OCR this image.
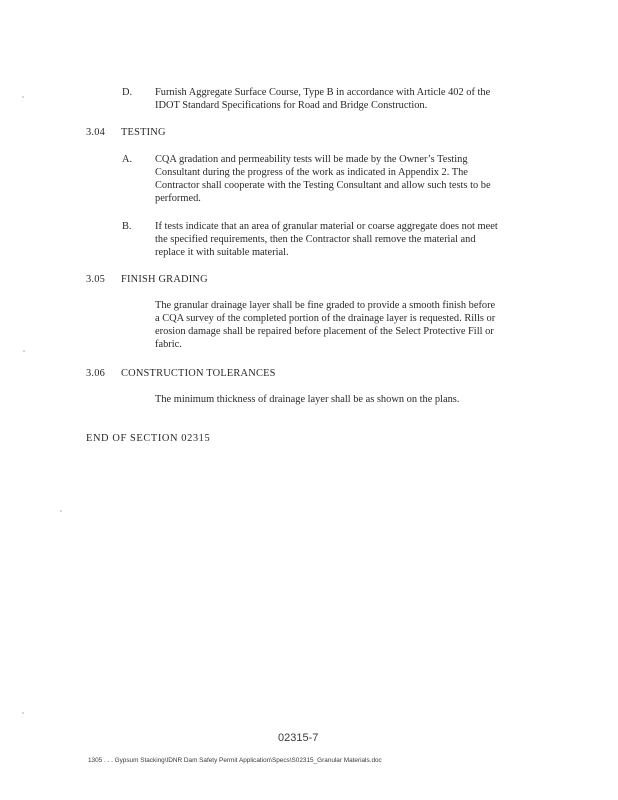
D. Furnish Aggregate Surface Course, Type B in accordance with Article 402 of the
IDOT Standard Specifications for Road and Bridge Construction.
3.04 TESTING
A. CQA gradation and permeability tests will be made by the Owner’s Testing
Consultant during the progress of the work as indicated in Appendix 2. The
Contractor shall cooperate with the Testing Consultant and allow such tests to be
performed.
B. If tests indicate that an area of granular material or coarse aggregate does not meet
the specified requirements, then the Contractor shall remove the material and
replace it with suitable material.
3.05 FINISH GRADING
The granular drainage layer shall be fine graded to provide a smooth finish before
a CQA survey of the completed portion of the drainage layer is requested. Rills or
erosion damage shall be repaired before placement of the Select Protective Fill or
fabric.
3.06 CONSTRUCTION TOLERANCES
The minimum thickness of drainage layer shall be as shown on the plans.
END OF SECTION 02315
02315-7
1305 . . . Gypsum Stacking\IDNR Dam Safety Permit Application\Specs\S02315_Granular Materials.doc
